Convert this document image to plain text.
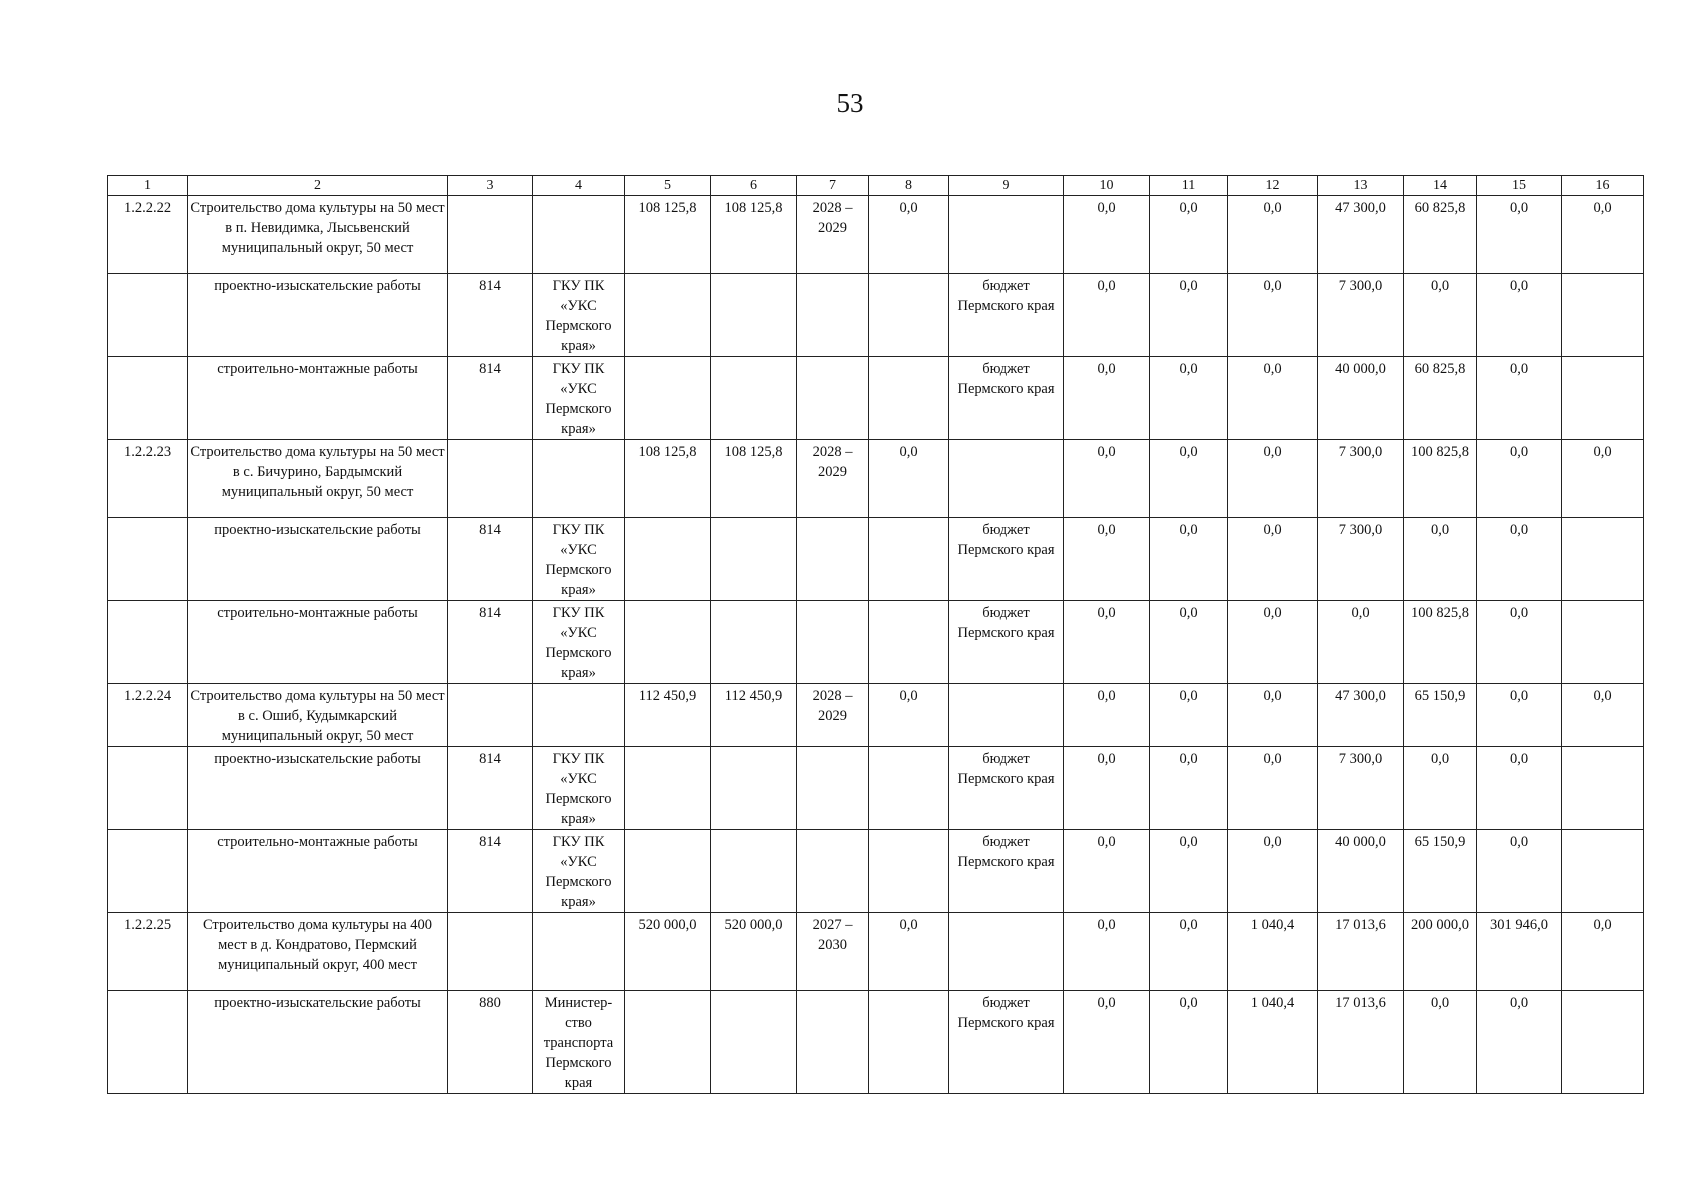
53
1	2	3	4	5	6	7	8	9	10	11	12	13	14	15	16
1.2.2.22	Строительство дома культуры на 50 мест в п. Невидимка, Лысьвенский муниципальный округ, 50 мест			108 125,8	108 125,8	2028 – 2029	0,0		0,0	0,0	0,0	47 300,0	60 825,8	0,0	0,0
	проектно-изыскательские работы	814	ГКУ ПК «УКС Пермского края»					бюджет Пермского края	0,0	0,0	0,0	7 300,0	0,0	0,0	
	строительно-монтажные работы	814	ГКУ ПК «УКС Пермского края»					бюджет Пермского края	0,0	0,0	0,0	40 000,0	60 825,8	0,0	
1.2.2.23	Строительство дома культуры на 50 мест в с. Бичурино, Бардымский муниципальный округ, 50 мест			108 125,8	108 125,8	2028 – 2029	0,0		0,0	0,0	0,0	7 300,0	100 825,8	0,0	0,0
	проектно-изыскательские работы	814	ГКУ ПК «УКС Пермского края»					бюджет Пермского края	0,0	0,0	0,0	7 300,0	0,0	0,0	
	строительно-монтажные работы	814	ГКУ ПК «УКС Пермского края»					бюджет Пермского края	0,0	0,0	0,0	0,0	100 825,8	0,0	
1.2.2.24	Строительство дома культуры на 50 мест в с. Ошиб, Кудымкарский муниципальный округ, 50 мест			112 450,9	112 450,9	2028 – 2029	0,0		0,0	0,0	0,0	47 300,0	65 150,9	0,0	0,0
	проектно-изыскательские работы	814	ГКУ ПК «УКС Пермского края»					бюджет Пермского края	0,0	0,0	0,0	7 300,0	0,0	0,0	
	строительно-монтажные работы	814	ГКУ ПК «УКС Пермского края»					бюджет Пермского края	0,0	0,0	0,0	40 000,0	65 150,9	0,0	
1.2.2.25	Строительство дома культуры на 400 мест в д. Кондратово, Пермский муниципальный округ, 400 мест			520 000,0	520 000,0	2027 – 2030	0,0		0,0	0,0	1 040,4	17 013,6	200 000,0	301 946,0	0,0
	проектно-изыскательские работы	880	Министер- ство транспорта Пермского края					бюджет Пермского края	0,0	0,0	1 040,4	17 013,6	0,0	0,0	
